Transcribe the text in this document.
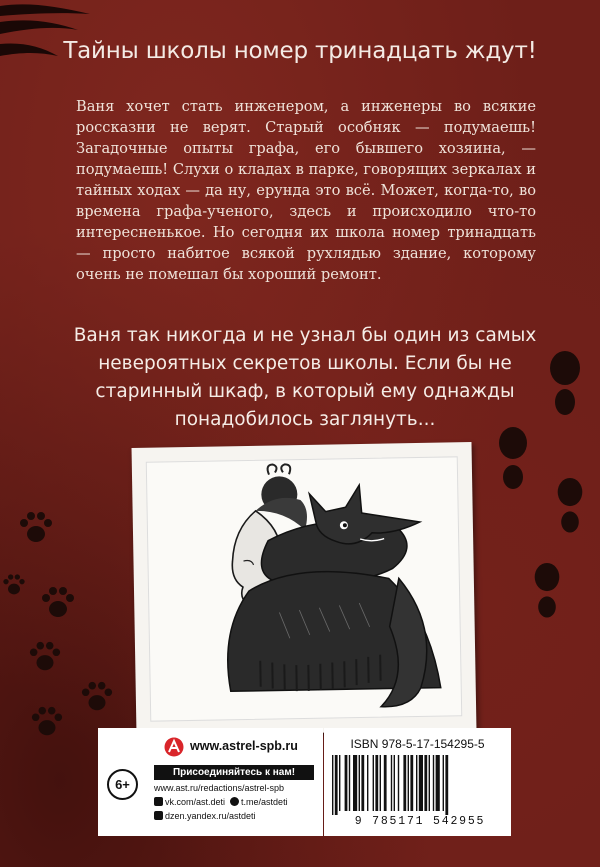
Тайны школы номер тринадцать ждут!

Ваня хочет стать инженером, а инженеры во всякие россказни не верят. Старый особняк — подумаешь! Загадочные опыты графа, его бывшего хозяина, — подумаешь! Слухи о кладах в парке, говорящих зеркалах и тайных ходах — да ну, ерунда это всё. Может, когда-то, во времена графа-ученого, здесь и происходило что-то интересненькое. Но сегодня их школа номер тринадцать — просто набитое всякой рухлядью здание, которому очень не помешал бы хороший ремонт.

Ваня так никогда и не узнал бы один из самых невероятных секретов школы. Если бы не старинный шкаф, в который ему однажды понадобилось заглянуть...
www.astrel-spb.ru
6+
Присоединяйтесь к нам!
www.ast.ru/redactions/astrel-spb
vk.com/ast.deti t.me/astdeti
dzen.yandex.ru/astdeti
ISBN 978-5-17-154295-5
9 785171 542955
